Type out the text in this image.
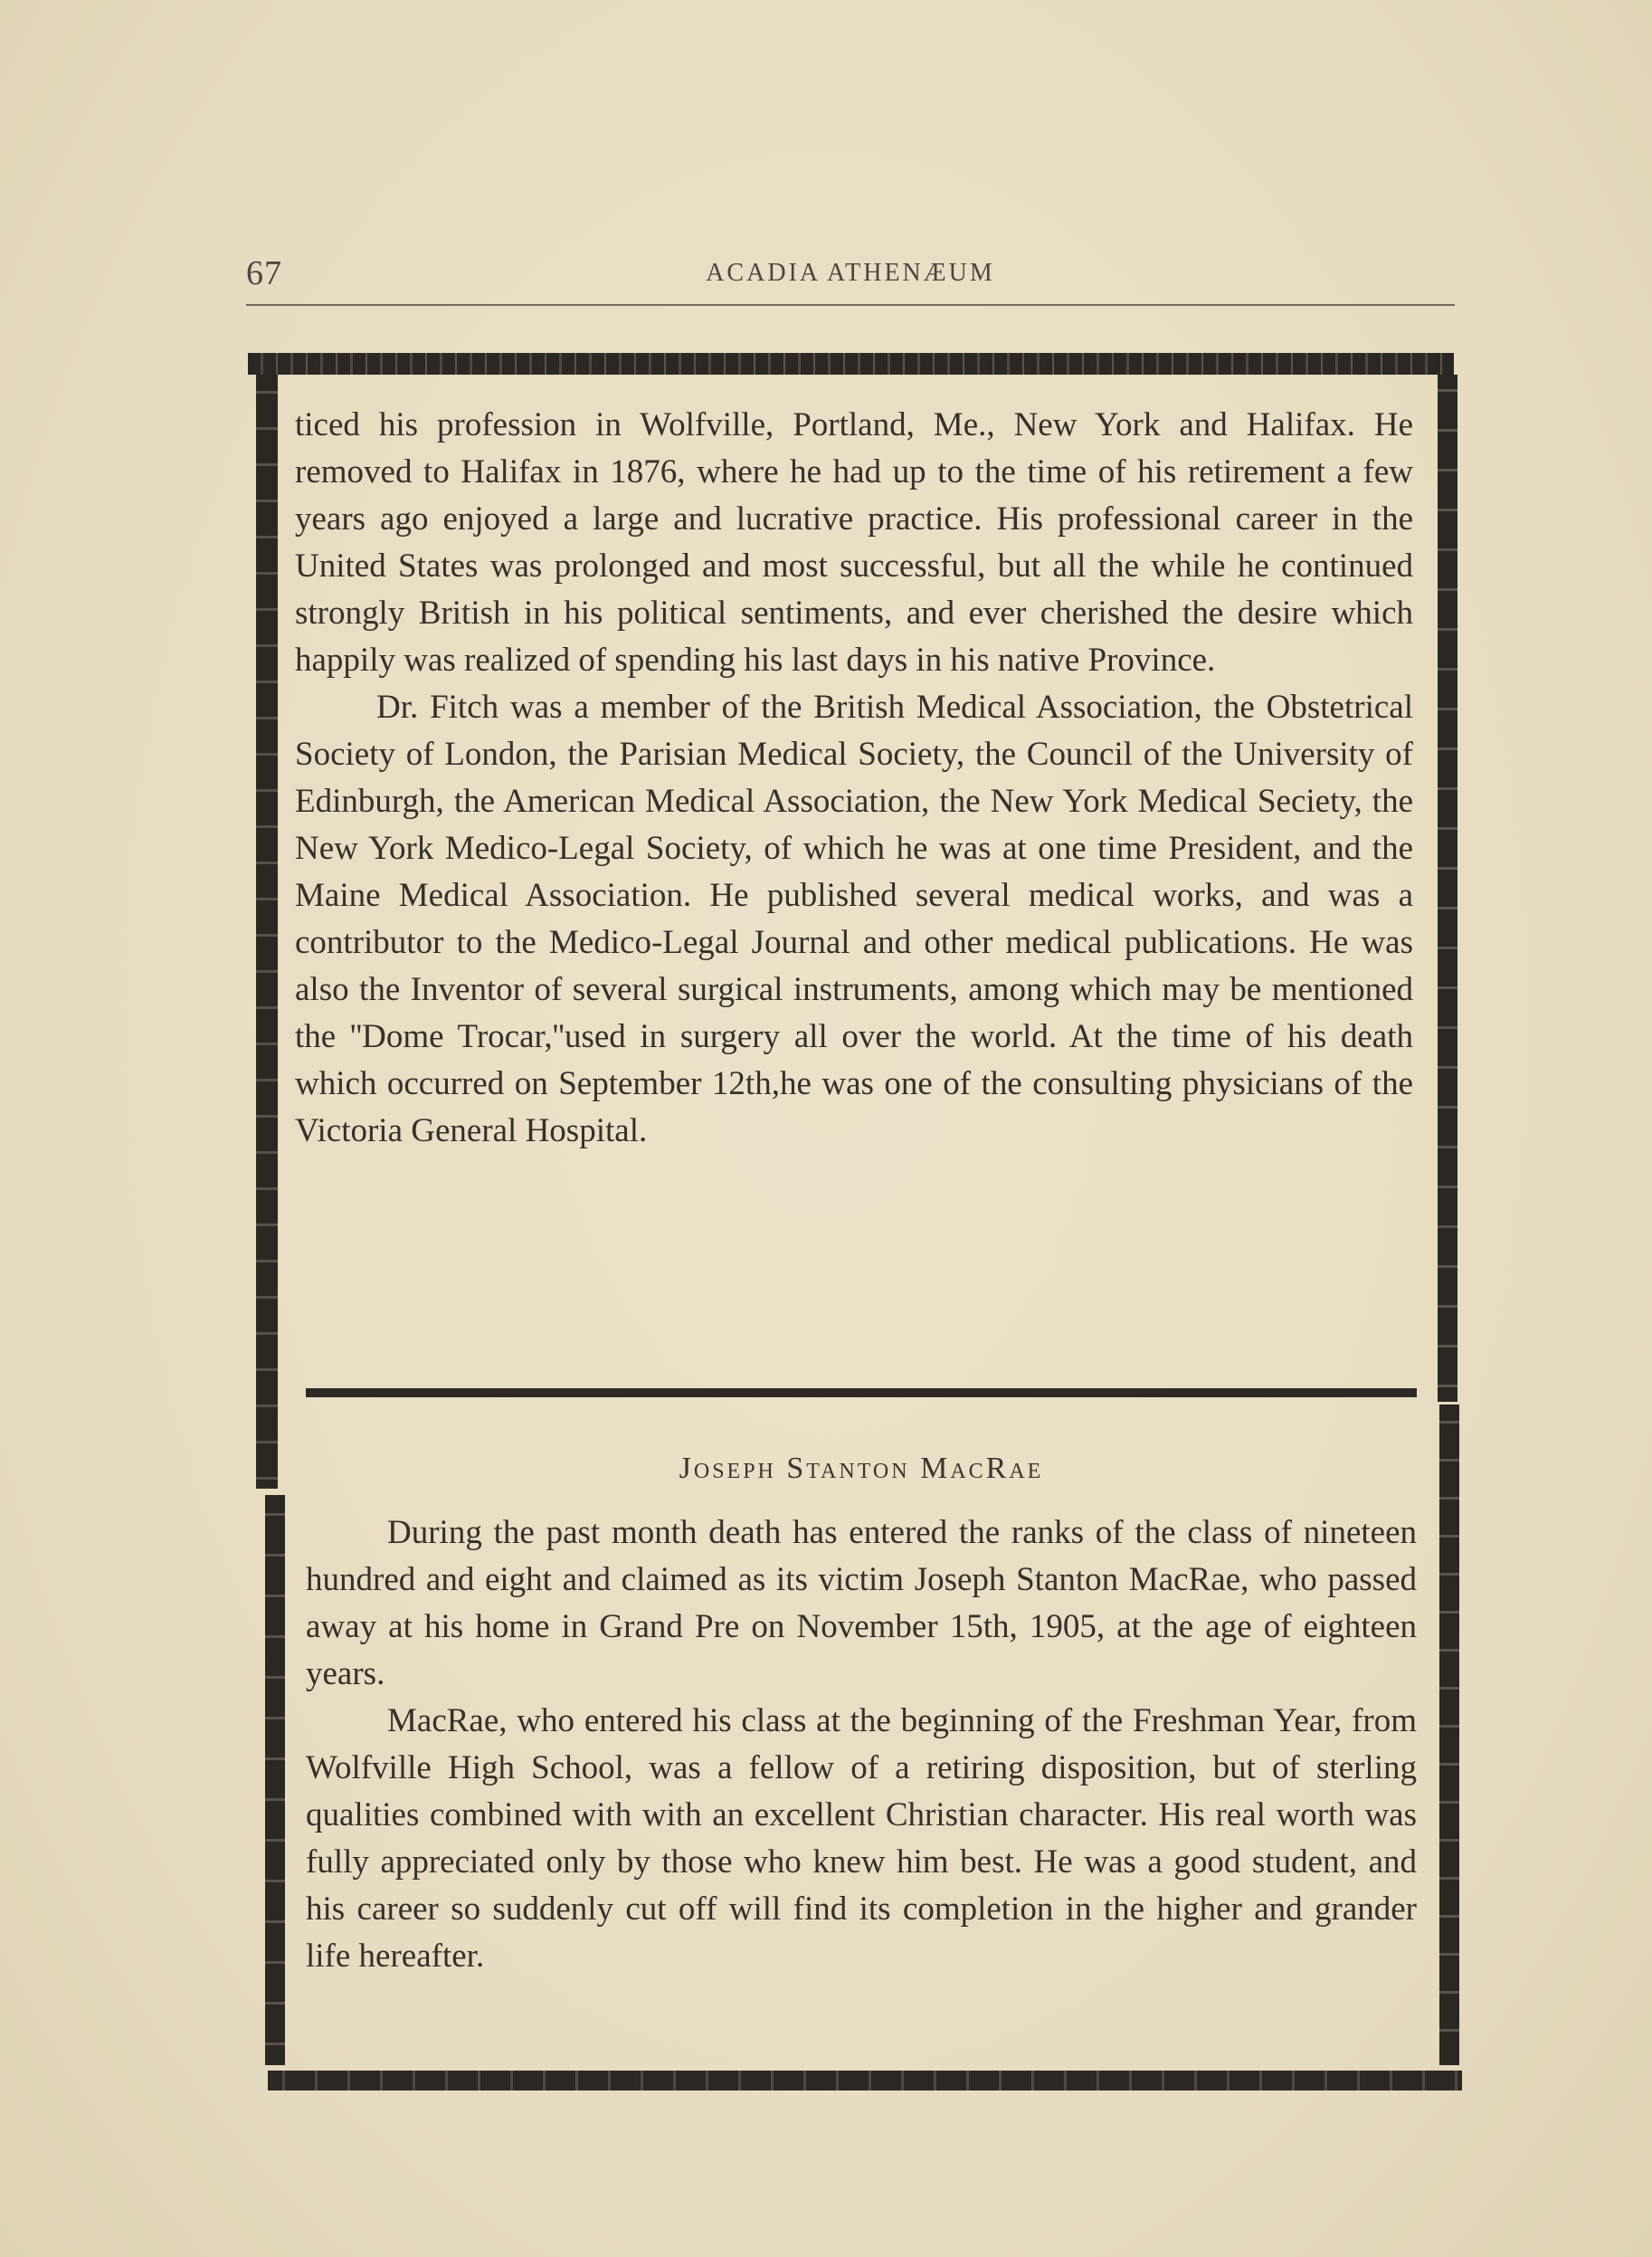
67	ACADIA ATHENÆUM

ticed his profession in Wolfville, Portland, Me., New York and Halifax. He removed to Halifax in 1876, where he had up to the time of his retirement a few years ago enjoyed a large and lucrative practice. His professional career in the United States was prolonged and most successful, but all the while he continued strongly British in his political sentiments, and ever cherished the desire which happily was realized of spending his last days in his native Province.

Dr. Fitch was a member of the British Medical Association, the Obstetrical Society of London, the Parisian Medical Society, the Council of the University of Edinburgh, the American Medical Association, the New York Medical Seciety, the New York Medico-Legal Society, of which he was at one time President, and the Maine Medical Association. He published several medical works, and was a contributor to the Medico-Legal Journal and other medical publications. He was also the Inventor of several surgical instruments, among which may be mentioned the ''Dome Trocar,''used in surgery all over the world. At the time of his death which occurred on September 12th,he was one of the consulting physicians of the Victoria General Hospital.

Joseph Stanton MacRae

During the past month death has entered the ranks of the class of nineteen hundred and eight and claimed as its victim Joseph Stanton MacRae, who passed away at his home in Grand Pre on November 15th, 1905, at the age of eighteen years.

MacRae, who entered his class at the beginning of the Freshman Year, from Wolfville High School, was a fellow of a retiring disposition, but of sterling qualities combined with with an excellent Christian character. His real worth was fully appreciated only by those who knew him best. He was a good student, and his career so suddenly cut off will find its completion in the higher and grander life hereafter.
